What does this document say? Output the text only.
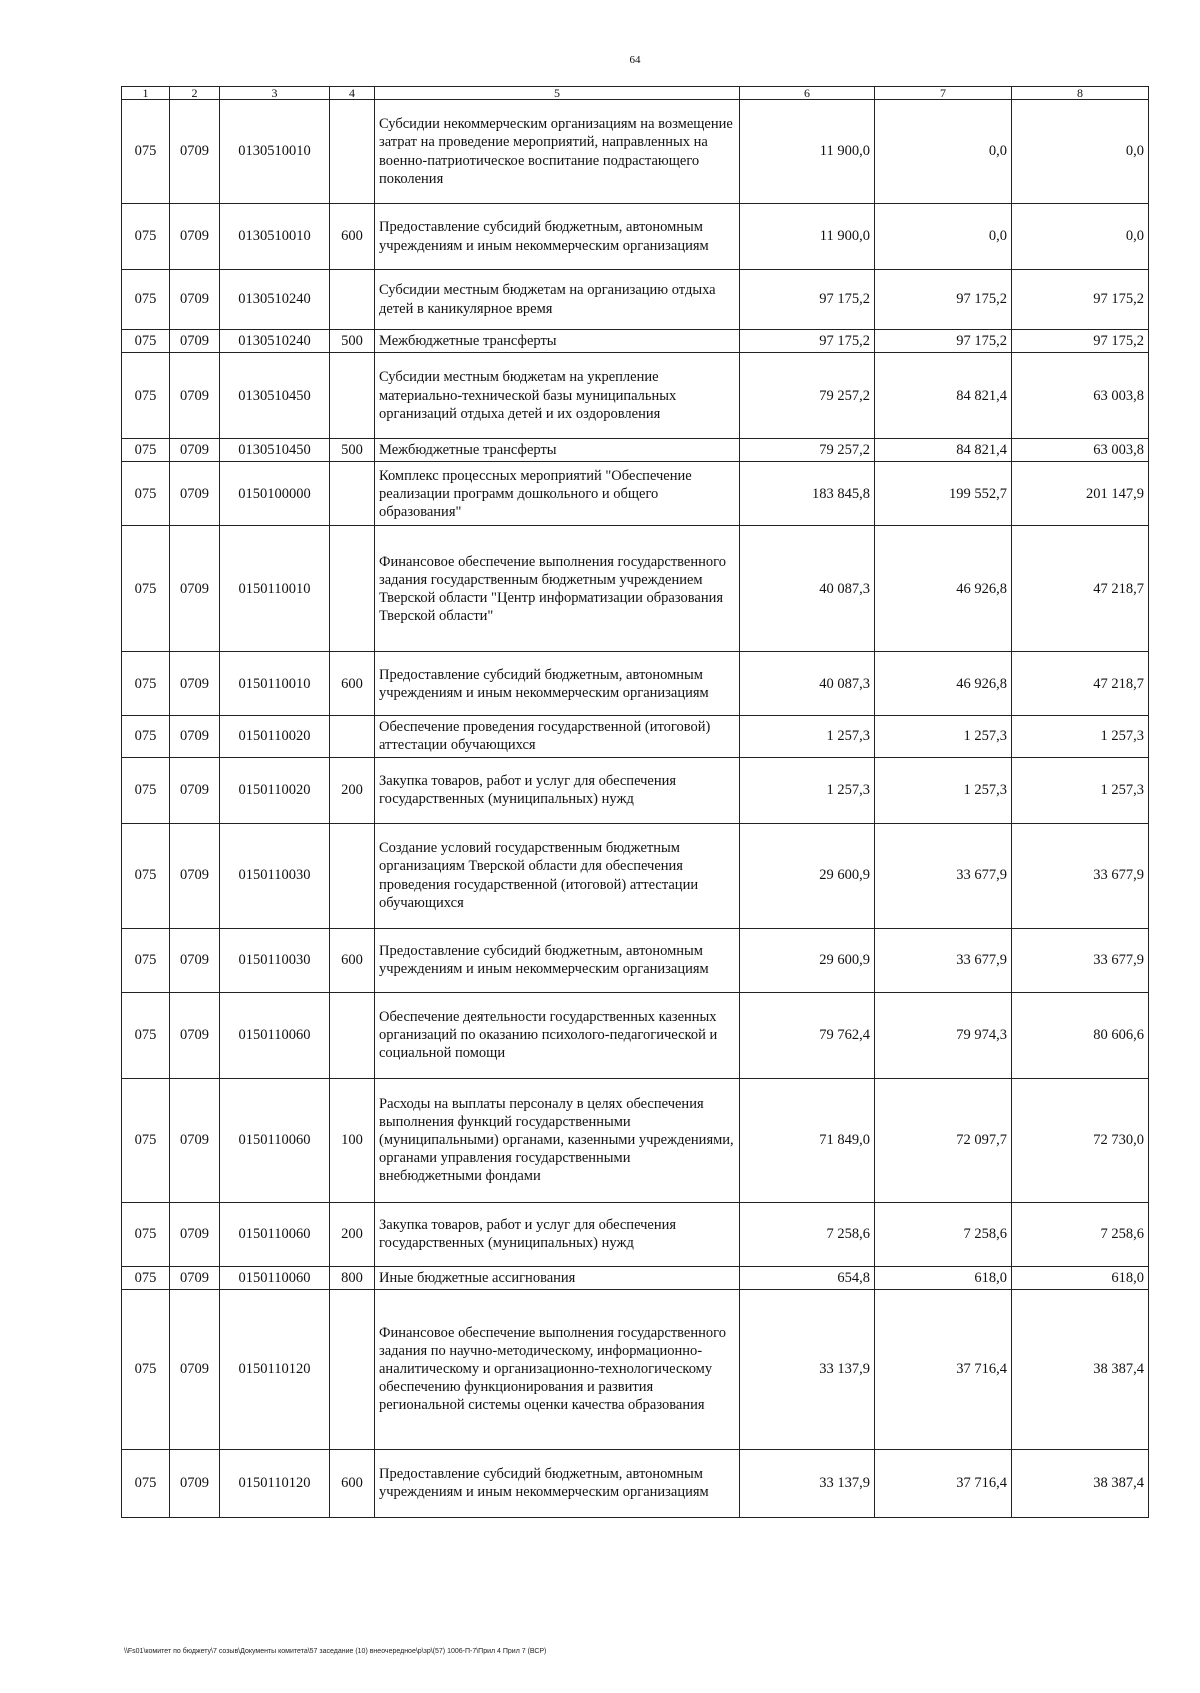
64
1	2	3	4	5	6	7	8
075	0709	0130510010		Субсидии некоммерческим организациям на возмещение затрат на проведение мероприятий, направленных на военно-патриотическое воспитание подрастающего поколения	11 900,0	0,0	0,0
075	0709	0130510010	600	Предоставление субсидий бюджетным, автономным учреждениям и иным некоммерческим организациям	11 900,0	0,0	0,0
075	0709	0130510240		Субсидии местным бюджетам на организацию отдыха детей в каникулярное время	97 175,2	97 175,2	97 175,2
075	0709	0130510240	500	Межбюджетные трансферты	97 175,2	97 175,2	97 175,2
075	0709	0130510450		Субсидии местным бюджетам на укрепление материально-технической базы муниципальных организаций отдыха детей и их оздоровления	79 257,2	84 821,4	63 003,8
075	0709	0130510450	500	Межбюджетные трансферты	79 257,2	84 821,4	63 003,8
075	0709	0150100000		Комплекс процессных мероприятий "Обеспечение реализации программ дошкольного и общего образования"	183 845,8	199 552,7	201 147,9
075	0709	0150110010		Финансовое обеспечение выполнения государственного задания государственным бюджетным учреждением Тверской области "Центр информатизации образования Тверской области"	40 087,3	46 926,8	47 218,7
075	0709	0150110010	600	Предоставление субсидий бюджетным, автономным учреждениям и иным некоммерческим организациям	40 087,3	46 926,8	47 218,7
075	0709	0150110020		Обеспечение проведения государственной (итоговой) аттестации обучающихся	1 257,3	1 257,3	1 257,3
075	0709	0150110020	200	Закупка товаров, работ и услуг для обеспечения государственных (муниципальных) нужд	1 257,3	1 257,3	1 257,3
075	0709	0150110030		Создание условий государственным бюджетным организациям Тверской области для обеспечения проведения государственной (итоговой) аттестации обучающихся	29 600,9	33 677,9	33 677,9
075	0709	0150110030	600	Предоставление субсидий бюджетным, автономным учреждениям и иным некоммерческим организациям	29 600,9	33 677,9	33 677,9
075	0709	0150110060		Обеспечение деятельности государственных казенных организаций по оказанию психолого-педагогической и социальной помощи	79 762,4	79 974,3	80 606,6
075	0709	0150110060	100	Расходы на выплаты персоналу в целях обеспечения выполнения функций государственными (муниципальными) органами, казенными учреждениями, органами управления государственными внебюджетными фондами	71 849,0	72 097,7	72 730,0
075	0709	0150110060	200	Закупка товаров, работ и услуг для обеспечения государственных (муниципальных) нужд	7 258,6	7 258,6	7 258,6
075	0709	0150110060	800	Иные бюджетные ассигнования	654,8	618,0	618,0
075	0709	0150110120		Финансовое обеспечение выполнения государственного задания по научно-методическому, информационно-аналитическому и организационно-технологическому обеспечению функционирования и развития региональной системы оценки качества образования	33 137,9	37 716,4	38 387,4
075	0709	0150110120	600	Предоставление субсидий бюджетным, автономным учреждениям и иным некоммерческим организациям	33 137,9	37 716,4	38 387,4
\\Fs01\комитет по бюджету\7 созыв\Документы комитета\57 заседание (10) внеочередное\p\зр\(57) 1006-П-7\Прил 4 Прил 7 (ВСР)
